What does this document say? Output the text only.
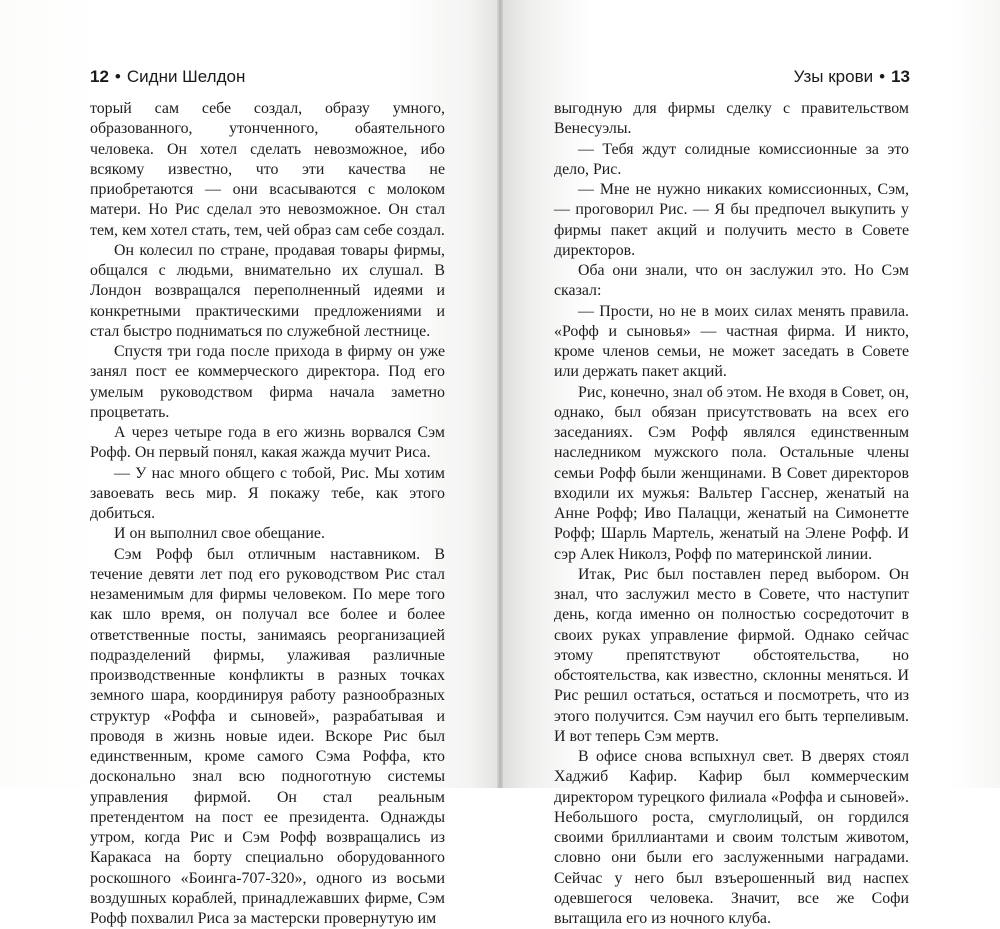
12 • Сидни Шелдон

торый сам себе создал, образу умного, образованного, утонченного, обаятельного человека. Он хотел сделать невозможное, ибо всякому известно, что эти качества не приобретаются — они всасываются с молоком матери. Но Рис сделал это невозможное. Он стал тем, кем хотел стать, тем, чей образ сам себе создал.

Он колесил по стране, продавая товары фирмы, общался с людьми, внимательно их слушал. В Лондон возвращался переполненный идеями и конкретными практическими предложениями и стал быстро подниматься по служебной лестнице.

Спустя три года после прихода в фирму он уже занял пост ее коммерческого директора. Под его умелым руководством фирма начала заметно процветать.

А через четыре года в его жизнь ворвался Сэм Рофф. Он первый понял, какая жажда мучит Риса.

— У нас много общего с тобой, Рис. Мы хотим завоевать весь мир. Я покажу тебе, как этого добиться.

И он выполнил свое обещание.

Сэм Рофф был отличным наставником. В течение девяти лет под его руководством Рис стал незаменимым для фирмы человеком. По мере того как шло время, он получал все более и более ответственные посты, занимаясь реорганизацией подразделений фирмы, улаживая различные производственные конфликты в разных точках земного шара, координируя работу разнообразных структур «Роффа и сыновей», разрабатывая и проводя в жизнь новые идеи. Вскоре Рис был единственным, кроме самого Сэма Роффа, кто досконально знал всю подноготную системы управления фирмой. Он стал реальным претендентом на пост ее президента. Однажды утром, когда Рис и Сэм Рофф возвращались из Каракаса на борту специально оборудованного роскошного «Боинга-707-320», одного из восьми воздушных кораблей, принадлежавших фирме, Сэм Рофф похвалил Риса за мастерски провернутую им

Узы крови • 13

выгодную для фирмы сделку с правительством Венесуэлы.

— Тебя ждут солидные комиссионные за это дело, Рис.

— Мне не нужно никаких комиссионных, Сэм, — проговорил Рис. — Я бы предпочел выкупить у фирмы пакет акций и получить место в Совете директоров.

Оба они знали, что он заслужил это. Но Сэм сказал:

— Прости, но не в моих силах менять правила. «Рофф и сыновья» — частная фирма. И никто, кроме членов семьи, не может заседать в Совете или держать пакет акций.

Рис, конечно, знал об этом. Не входя в Совет, он, однако, был обязан присутствовать на всех его заседаниях. Сэм Рофф являлся единственным наследником мужского пола. Остальные члены семьи Рофф были женщинами. В Совет директоров входили их мужья: Вальтер Гасснер, женатый на Анне Рофф; Иво Палацци, женатый на Симонетте Рофф; Шарль Мартель, женатый на Элене Рофф. И сэр Алек Николз, Рофф по материнской линии.

Итак, Рис был поставлен перед выбором. Он знал, что заслужил место в Совете, что наступит день, когда именно он полностью сосредоточит в своих руках управление фирмой. Однако сейчас этому препятствуют обстоятельства, но обстоятельства, как известно, склонны меняться. И Рис решил остаться, остаться и посмотреть, что из этого получится. Сэм научил его быть терпеливым. И вот теперь Сэм мертв.

В офисе снова вспыхнул свет. В дверях стоял Хаджиб Кафир. Кафир был коммерческим директором турецкого филиала «Роффа и сыновей». Небольшого роста, смуглолицый, он гордился своими бриллиантами и своим толстым животом, словно они были его заслуженными наградами. Сейчас у него был взъерошенный вид наспех одевшегося человека. Значит, все же Софи вытащила его из ночного клуба.
